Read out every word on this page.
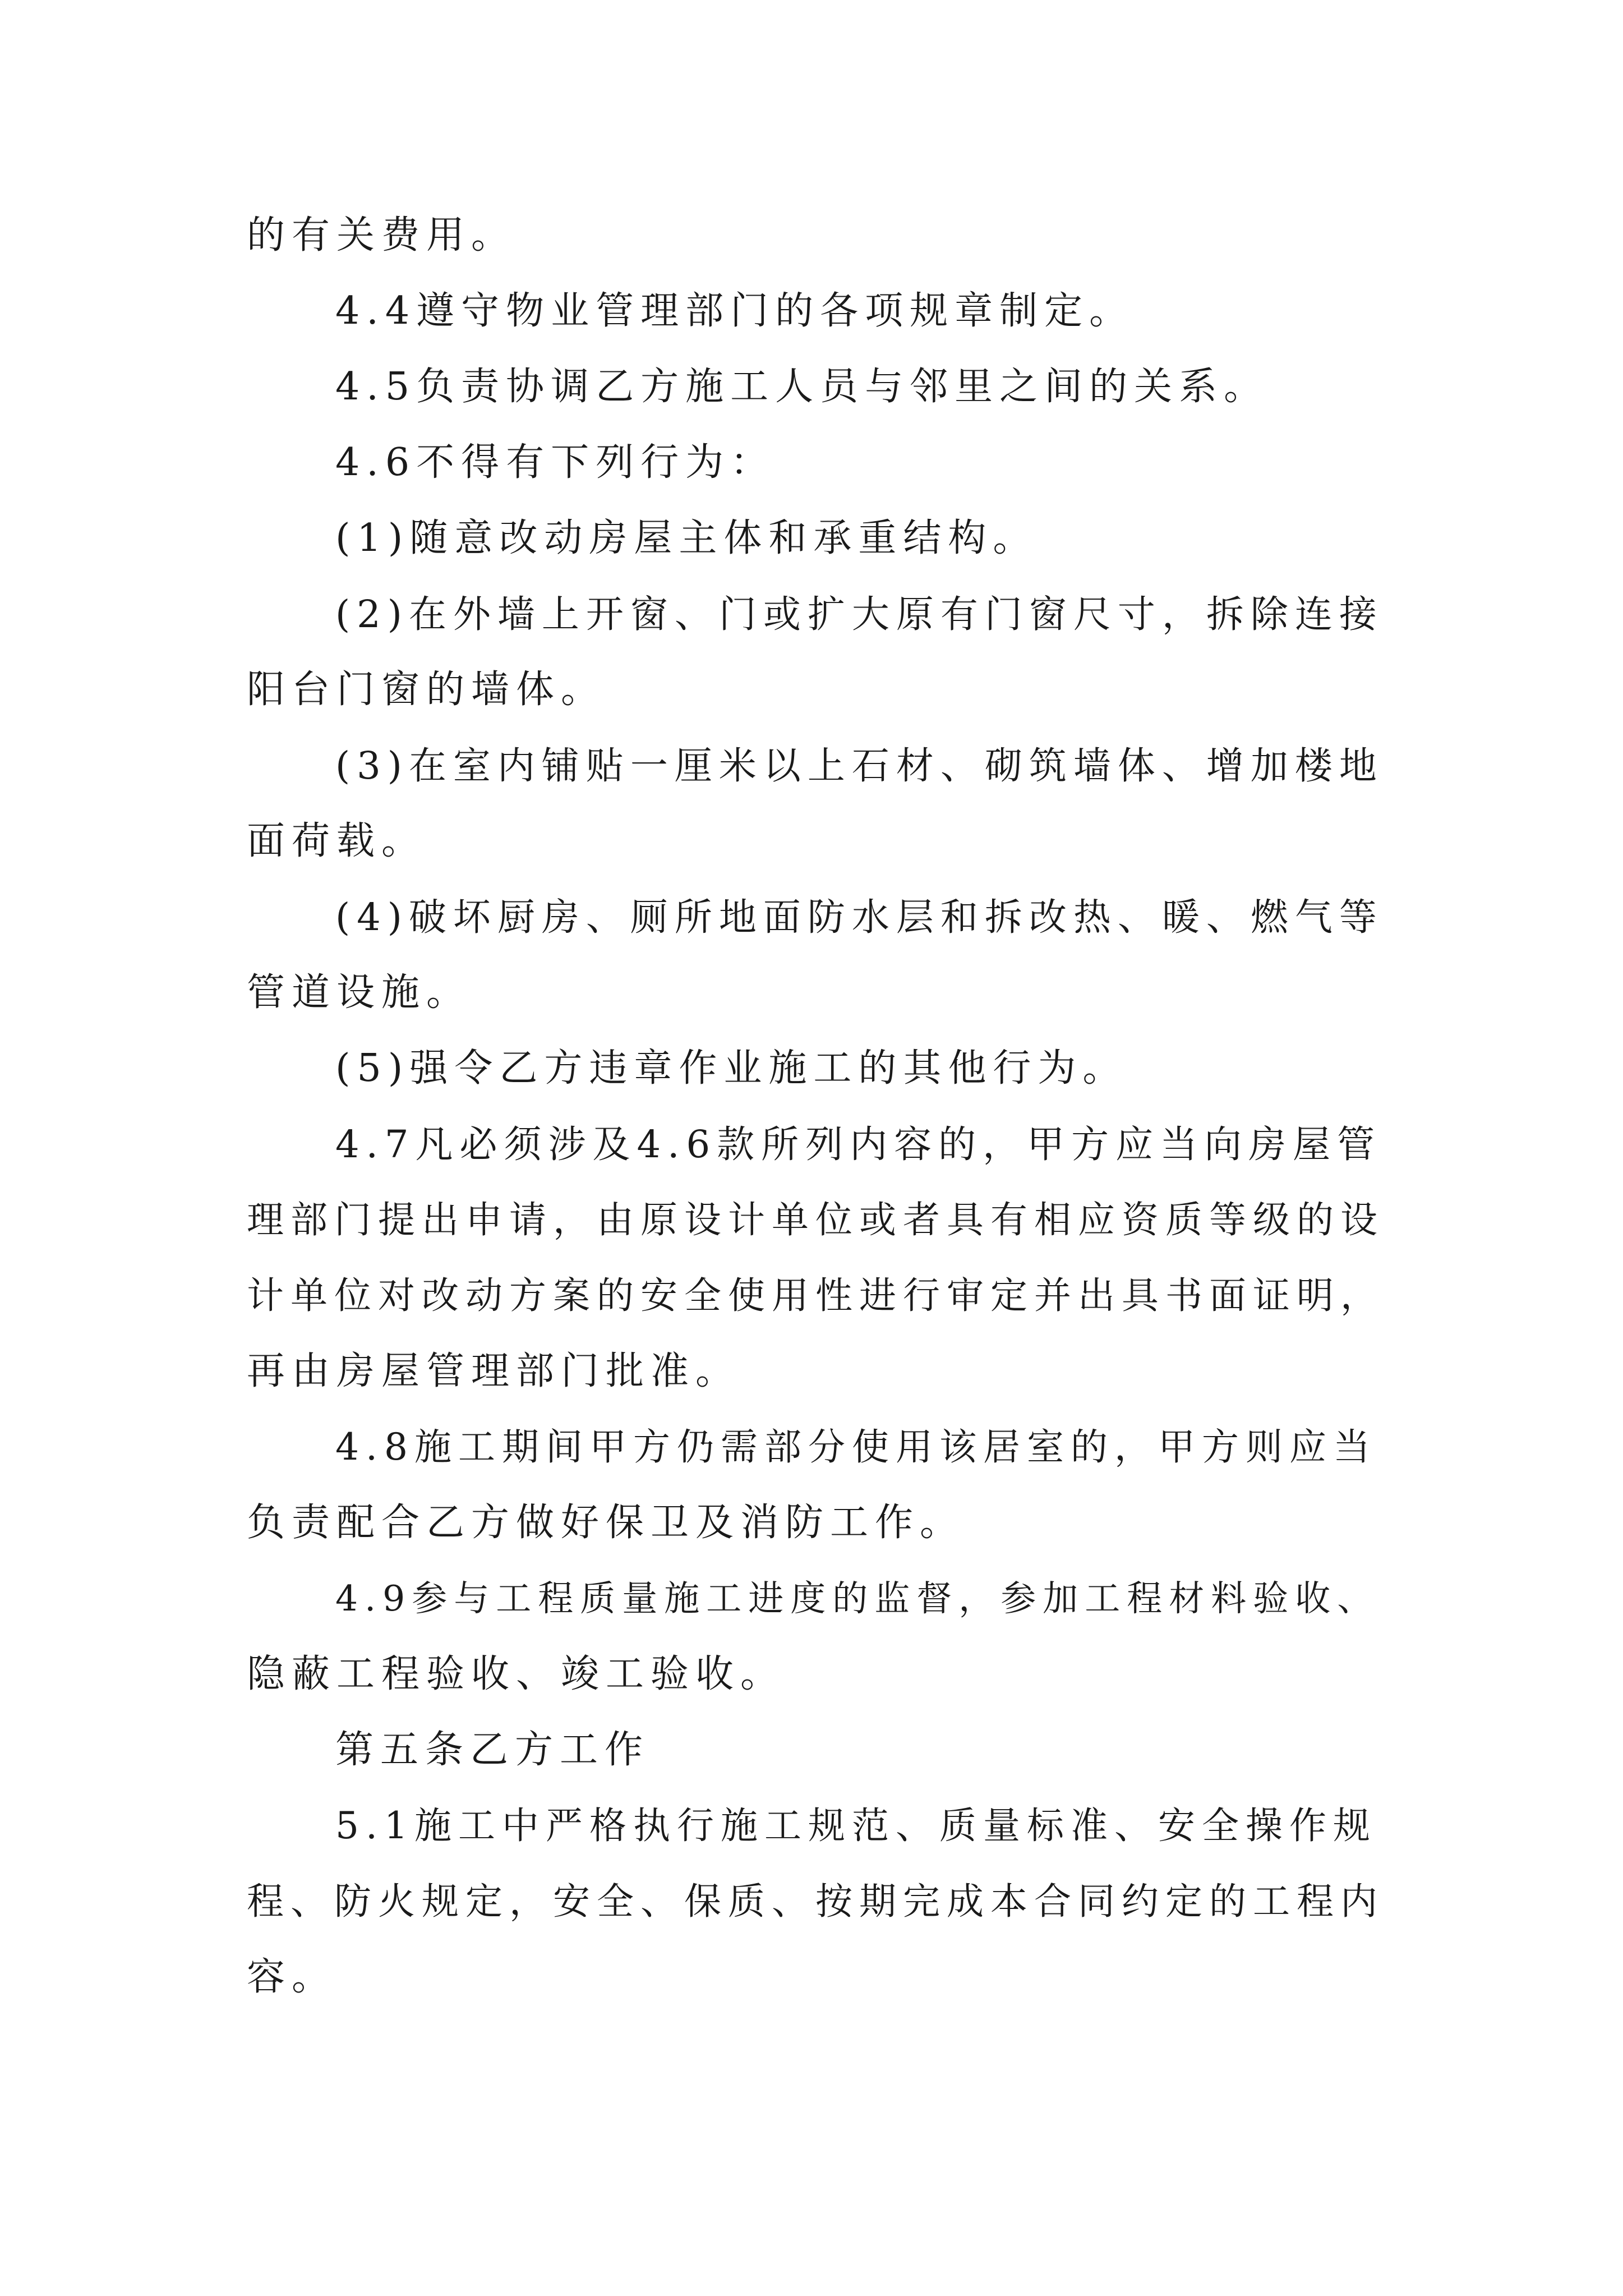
的有关费用。
4.4遵守物业管理部门的各项规章制定。
4.5负责协调乙方施工人员与邻里之间的关系。
4.6不得有下列行为：
(1)随意改动房屋主体和承重结构。
(2)在外墙上开窗、门或扩大原有门窗尺寸，拆除连接
阳台门窗的墙体。
(3)在室内铺贴一厘米以上石材、砌筑墙体、增加楼地
面荷载。
(4)破坏厨房、厕所地面防水层和拆改热、暖、燃气等
管道设施。
(5)强令乙方违章作业施工的其他行为。
4.7凡必须涉及4.6款所列内容的，甲方应当向房屋管
理部门提出申请，由原设计单位或者具有相应资质等级的设
计单位对改动方案的安全使用性进行审定并出具书面证明，
再由房屋管理部门批准。
4.8施工期间甲方仍需部分使用该居室的，甲方则应当
负责配合乙方做好保卫及消防工作。
4.9参与工程质量施工进度的监督，参加工程材料验收、
隐蔽工程验收、竣工验收。
第五条乙方工作
5.1施工中严格执行施工规范、质量标准、安全操作规
程、防火规定，安全、保质、按期完成本合同约定的工程内
容。
